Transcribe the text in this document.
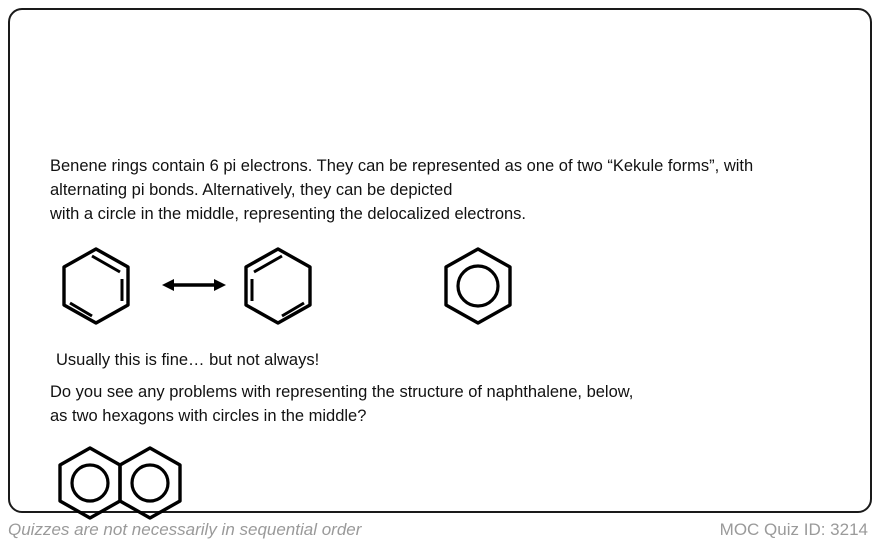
Benene rings contain 6 pi electrons. They can be represented as one of two “Kekule forms”, with alternating pi bonds. Alternatively, they can be depicted
with a circle in the middle, representing the delocalized electrons.

Usually this is fine… but not always!

Do you see any problems with representing the structure of naphthalene, below,
as two hexagons with circles in the middle?

Quizzes are not necessarily in sequential order	MOC Quiz ID: 3214
